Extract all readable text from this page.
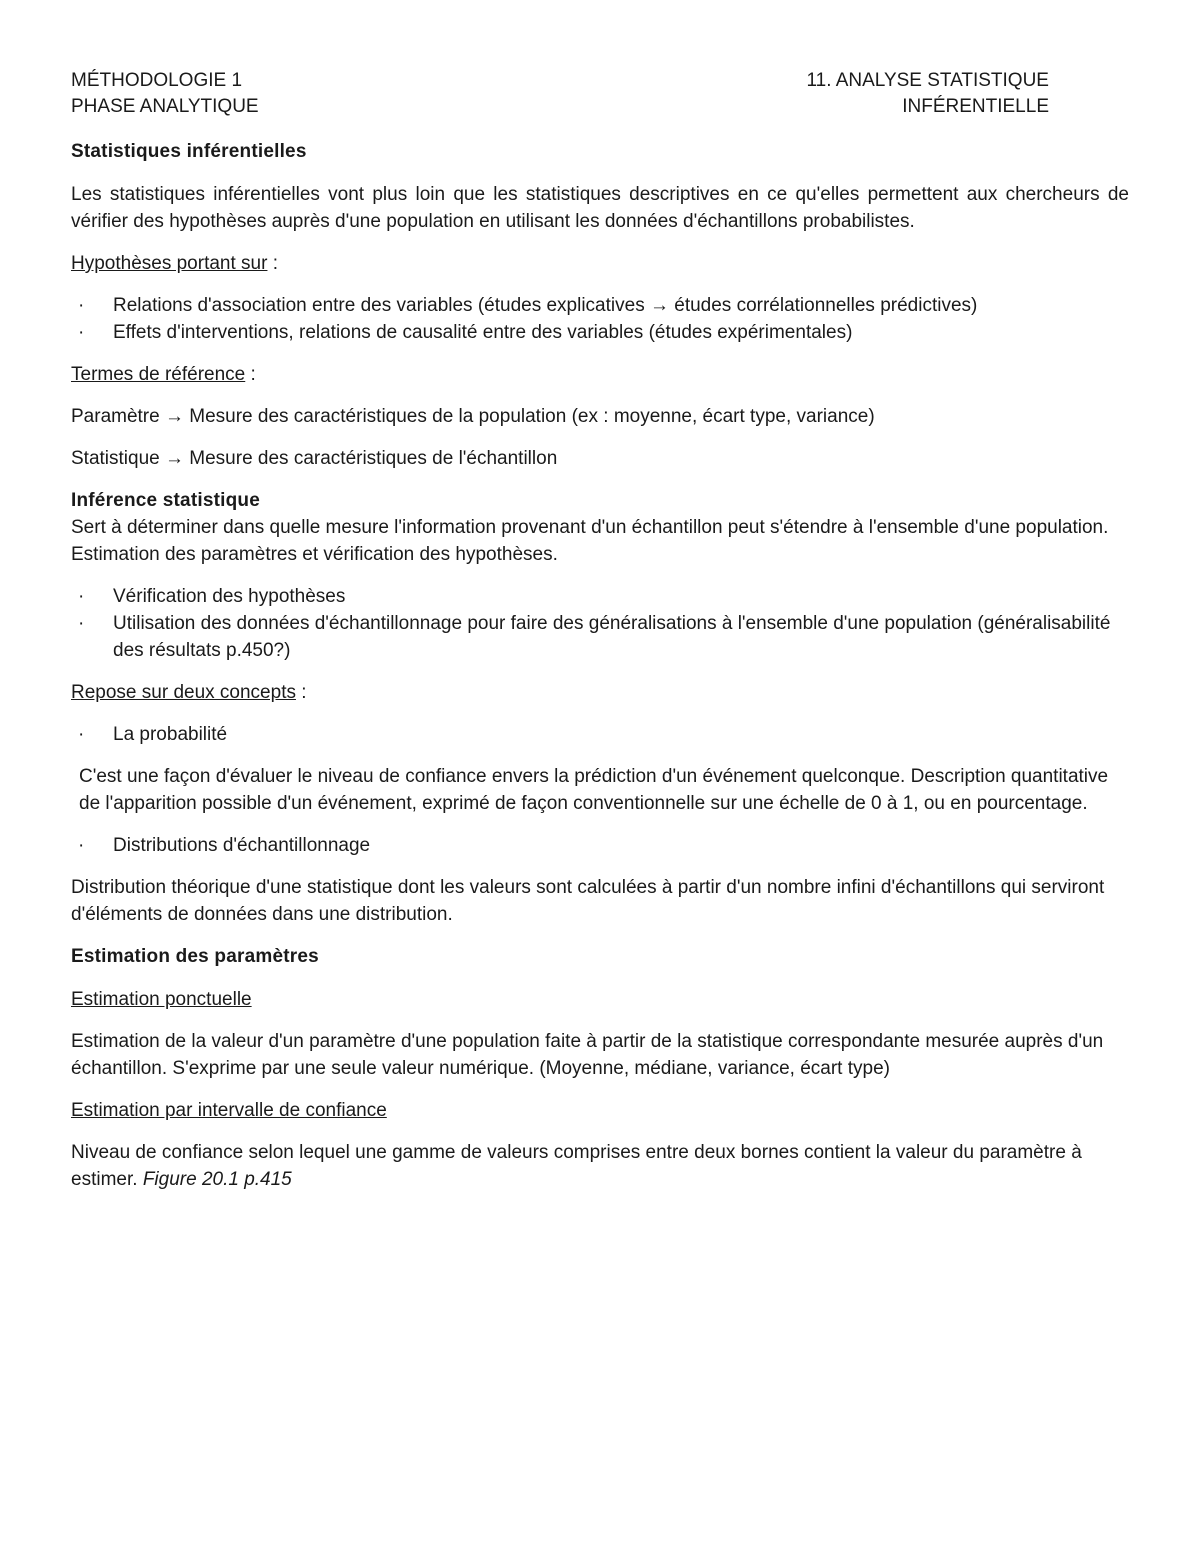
MÉTHODOLOGIE 1
PHASE ANALYTIQUE
11. ANALYSE STATISTIQUE
INFÉRENTIELLE
Statistiques inférentielles

Les statistiques inférentielles vont plus loin que les statistiques descriptives en ce qu'elles permettent aux chercheurs de vérifier des hypothèses auprès d'une population en utilisant les données d'échantillons probabilistes.

Hypothèses portant sur :

· Relations d'association entre des variables (études explicatives → études corrélationnelles prédictives)
· Effets d'interventions, relations de causalité entre des variables (études expérimentales)

Termes de référence :

Paramètre → Mesure des caractéristiques de la population (ex : moyenne, écart type, variance)

Statistique → Mesure des caractéristiques de l'échantillon

Inférence statistique

Sert à déterminer dans quelle mesure l'information provenant d'un échantillon peut s'étendre à l'ensemble d'une population. Estimation des paramètres et vérification des hypothèses.

· Vérification des hypothèses
· Utilisation des données d'échantillonnage pour faire des généralisations à l'ensemble d'une population (généralisabilité des résultats p.450?)

Repose sur deux concepts :

· La probabilité

C'est une façon d'évaluer le niveau de confiance envers la prédiction d'un événement quelconque. Description quantitative de l'apparition possible d'un événement, exprimé de façon conventionnelle sur une échelle de 0 à 1, ou en pourcentage.

· Distributions d'échantillonnage

Distribution théorique d'une statistique dont les valeurs sont calculées à partir d'un nombre infini d'échantillons qui serviront d'éléments de données dans une distribution.

Estimation des paramètres

Estimation ponctuelle

Estimation de la valeur d'un paramètre d'une population faite à partir de la statistique correspondante mesurée auprès d'un échantillon. S'exprime par une seule valeur numérique. (Moyenne, médiane, variance, écart type)

Estimation par intervalle de confiance

Niveau de confiance selon lequel une gamme de valeurs comprises entre deux bornes contient la valeur du paramètre à estimer. Figure 20.1 p.415
